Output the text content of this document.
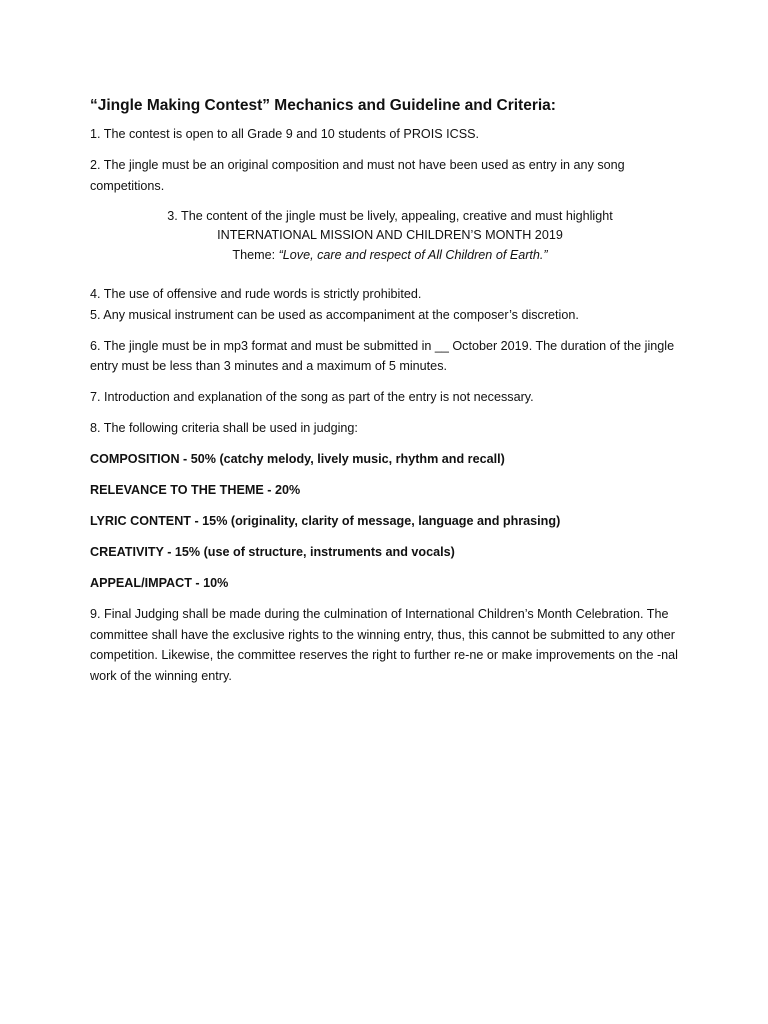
“Jingle Making Contest” Mechanics and Guideline and Criteria:

1. The contest is open to all Grade 9 and 10 students of PROIS ICSS.

2. The jingle must be an original composition and must not have been used as entry in any song competitions.

3. The content of the jingle must be lively, appealing, creative and must highlight
INTERNATIONAL MISSION AND CHILDREN’S MONTH 2019
Theme: “Love, care and respect of All Children of Earth.”

4. The use of offensive and rude words is strictly prohibited.

5. Any musical instrument can be used as accompaniment at the composer’s discretion.

6. The jingle must be in mp3 format and must be submitted in __ October 2019. The duration of the jingle entry must be less than 3 minutes and a maximum of 5 minutes.

7. Introduction and explanation of the song as part of the entry is not necessary.

8. The following criteria shall be used in judging:

COMPOSITION - 50% (catchy melody, lively music, rhythm and recall)

RELEVANCE TO THE THEME - 20%

LYRIC CONTENT - 15% (originality, clarity of message, language and phrasing)

CREATIVITY - 15% (use of structure, instruments and vocals)

APPEAL/IMPACT - 10%

9. Final Judging shall be made during the culmination of International Children’s Month Celebration. The committee shall have the exclusive rights to the winning entry, thus, this cannot be submitted to any other competition. Likewise, the committee reserves the right to further re-ne or make improvements on the -nal work of the winning entry.
